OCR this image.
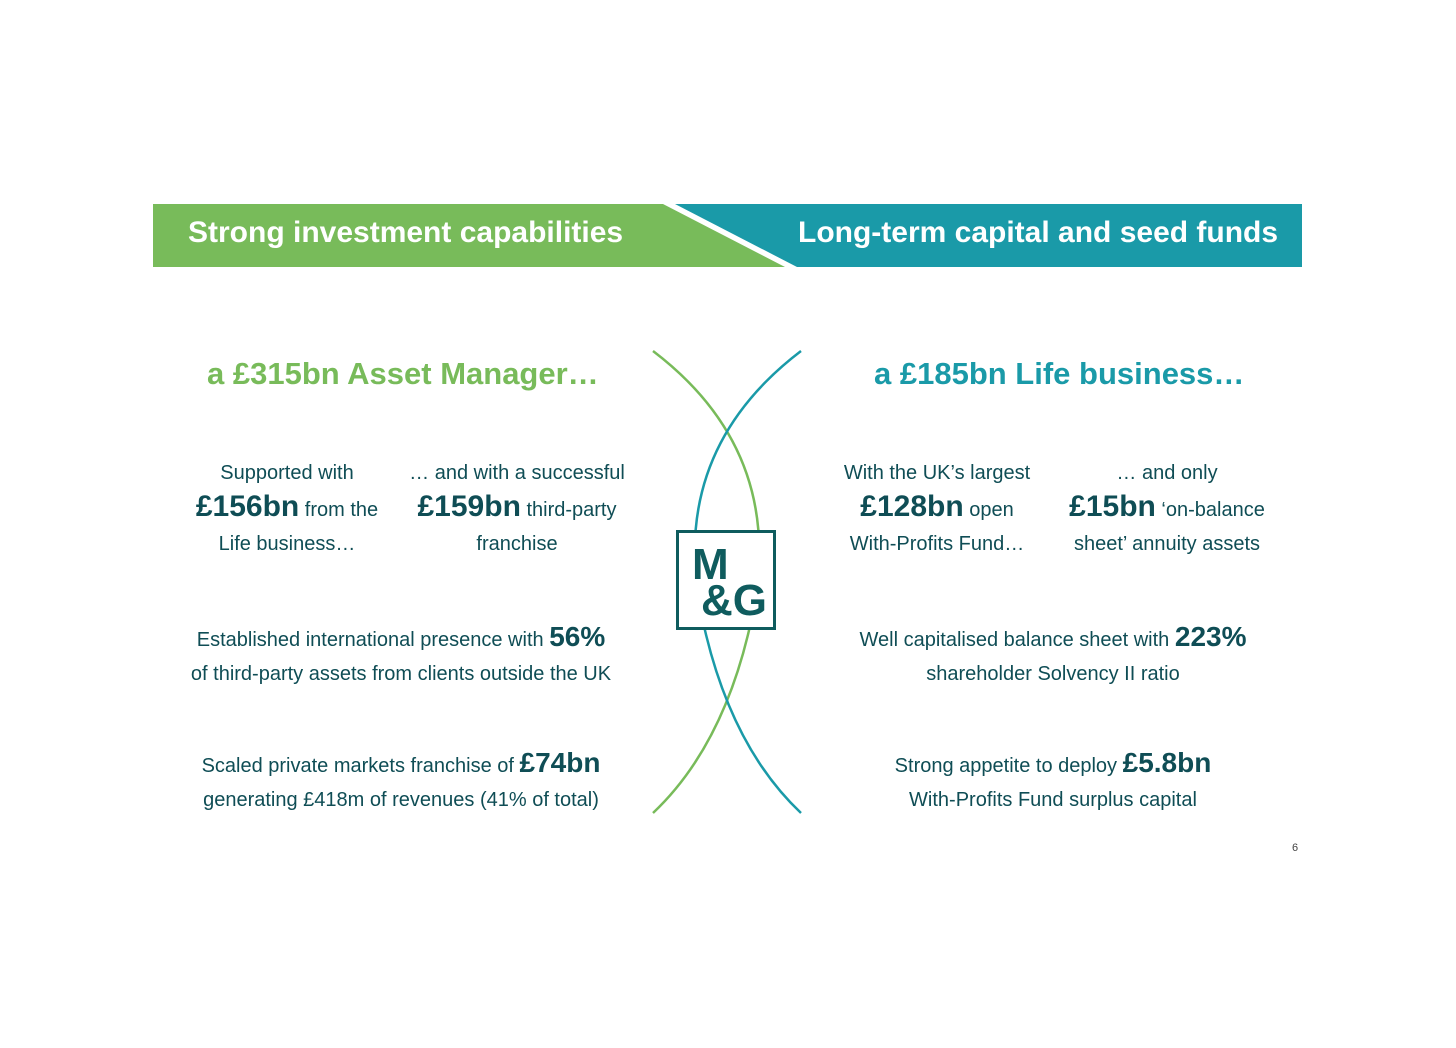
Strong investment capabilities	Long-term capital and seed funds
a £315bn Asset Manager…	a £185bn Life business…
M
&G
Supported with
£156bn from the
Life business…
… and with a successful
£159bn third-party
franchise
Established international presence with 56%
of third-party assets from clients outside the UK
Scaled private markets franchise of £74bn
generating £418m of revenues (41% of total)
With the UK’s largest
£128bn open
With-Profits Fund…
… and only
£15bn ‘on-balance
sheet’ annuity assets
Well capitalised balance sheet with 223%
shareholder Solvency II ratio
Strong appetite to deploy £5.8bn
With-Profits Fund surplus capital
6
